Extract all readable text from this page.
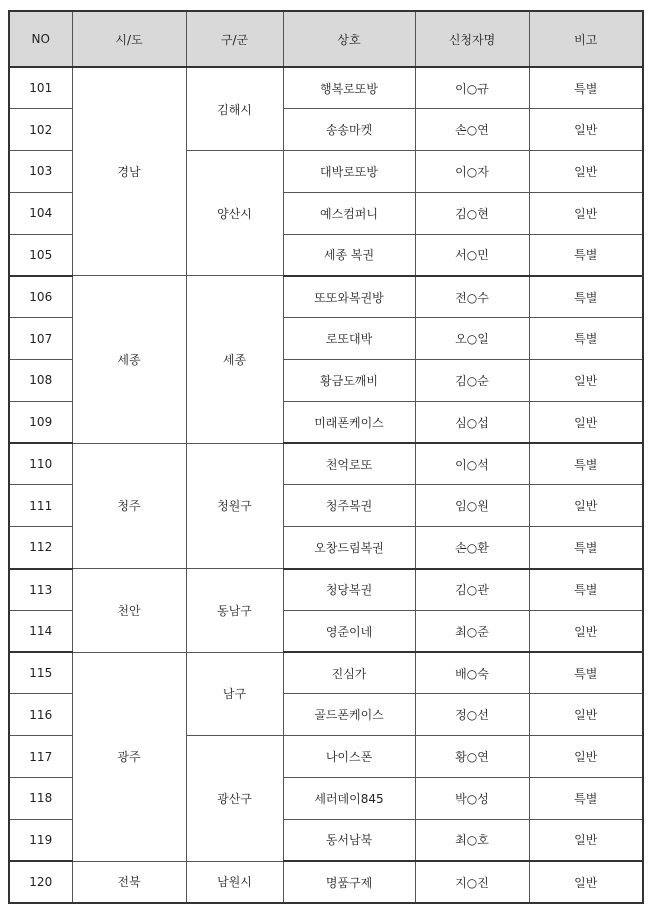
NO	시/도	구/군	상호	신청자명	비고
101	경남	김해시	행복로또방	이○규	특별
102			송송마켓	손○연	일반
103		양산시	대박로또방	이○자	일반
104			예스컴퍼니	김○현	일반
105			세종 복권	서○민	특별
106	세종	세종	또또와복권방	전○수	특별
107			로또대박	오○일	특별
108			황금도깨비	김○순	일반
109			미래폰케이스	심○섭	일반
110	청주	청원구	천억로또	이○석	특별
111			청주복권	임○원	일반
112			오창드림복권	손○환	특별
113	천안	동남구	청당복권	김○관	특별
114			영준이네	최○준	일반
115	광주	남구	진심가	배○숙	특별
116			골드폰케이스	정○선	일반
117		광산구	나이스폰	황○연	일반
118			세러데이845	박○성	특별
119			동서남북	최○호	일반
120	전북	남원시	명품구제	지○진	일반
